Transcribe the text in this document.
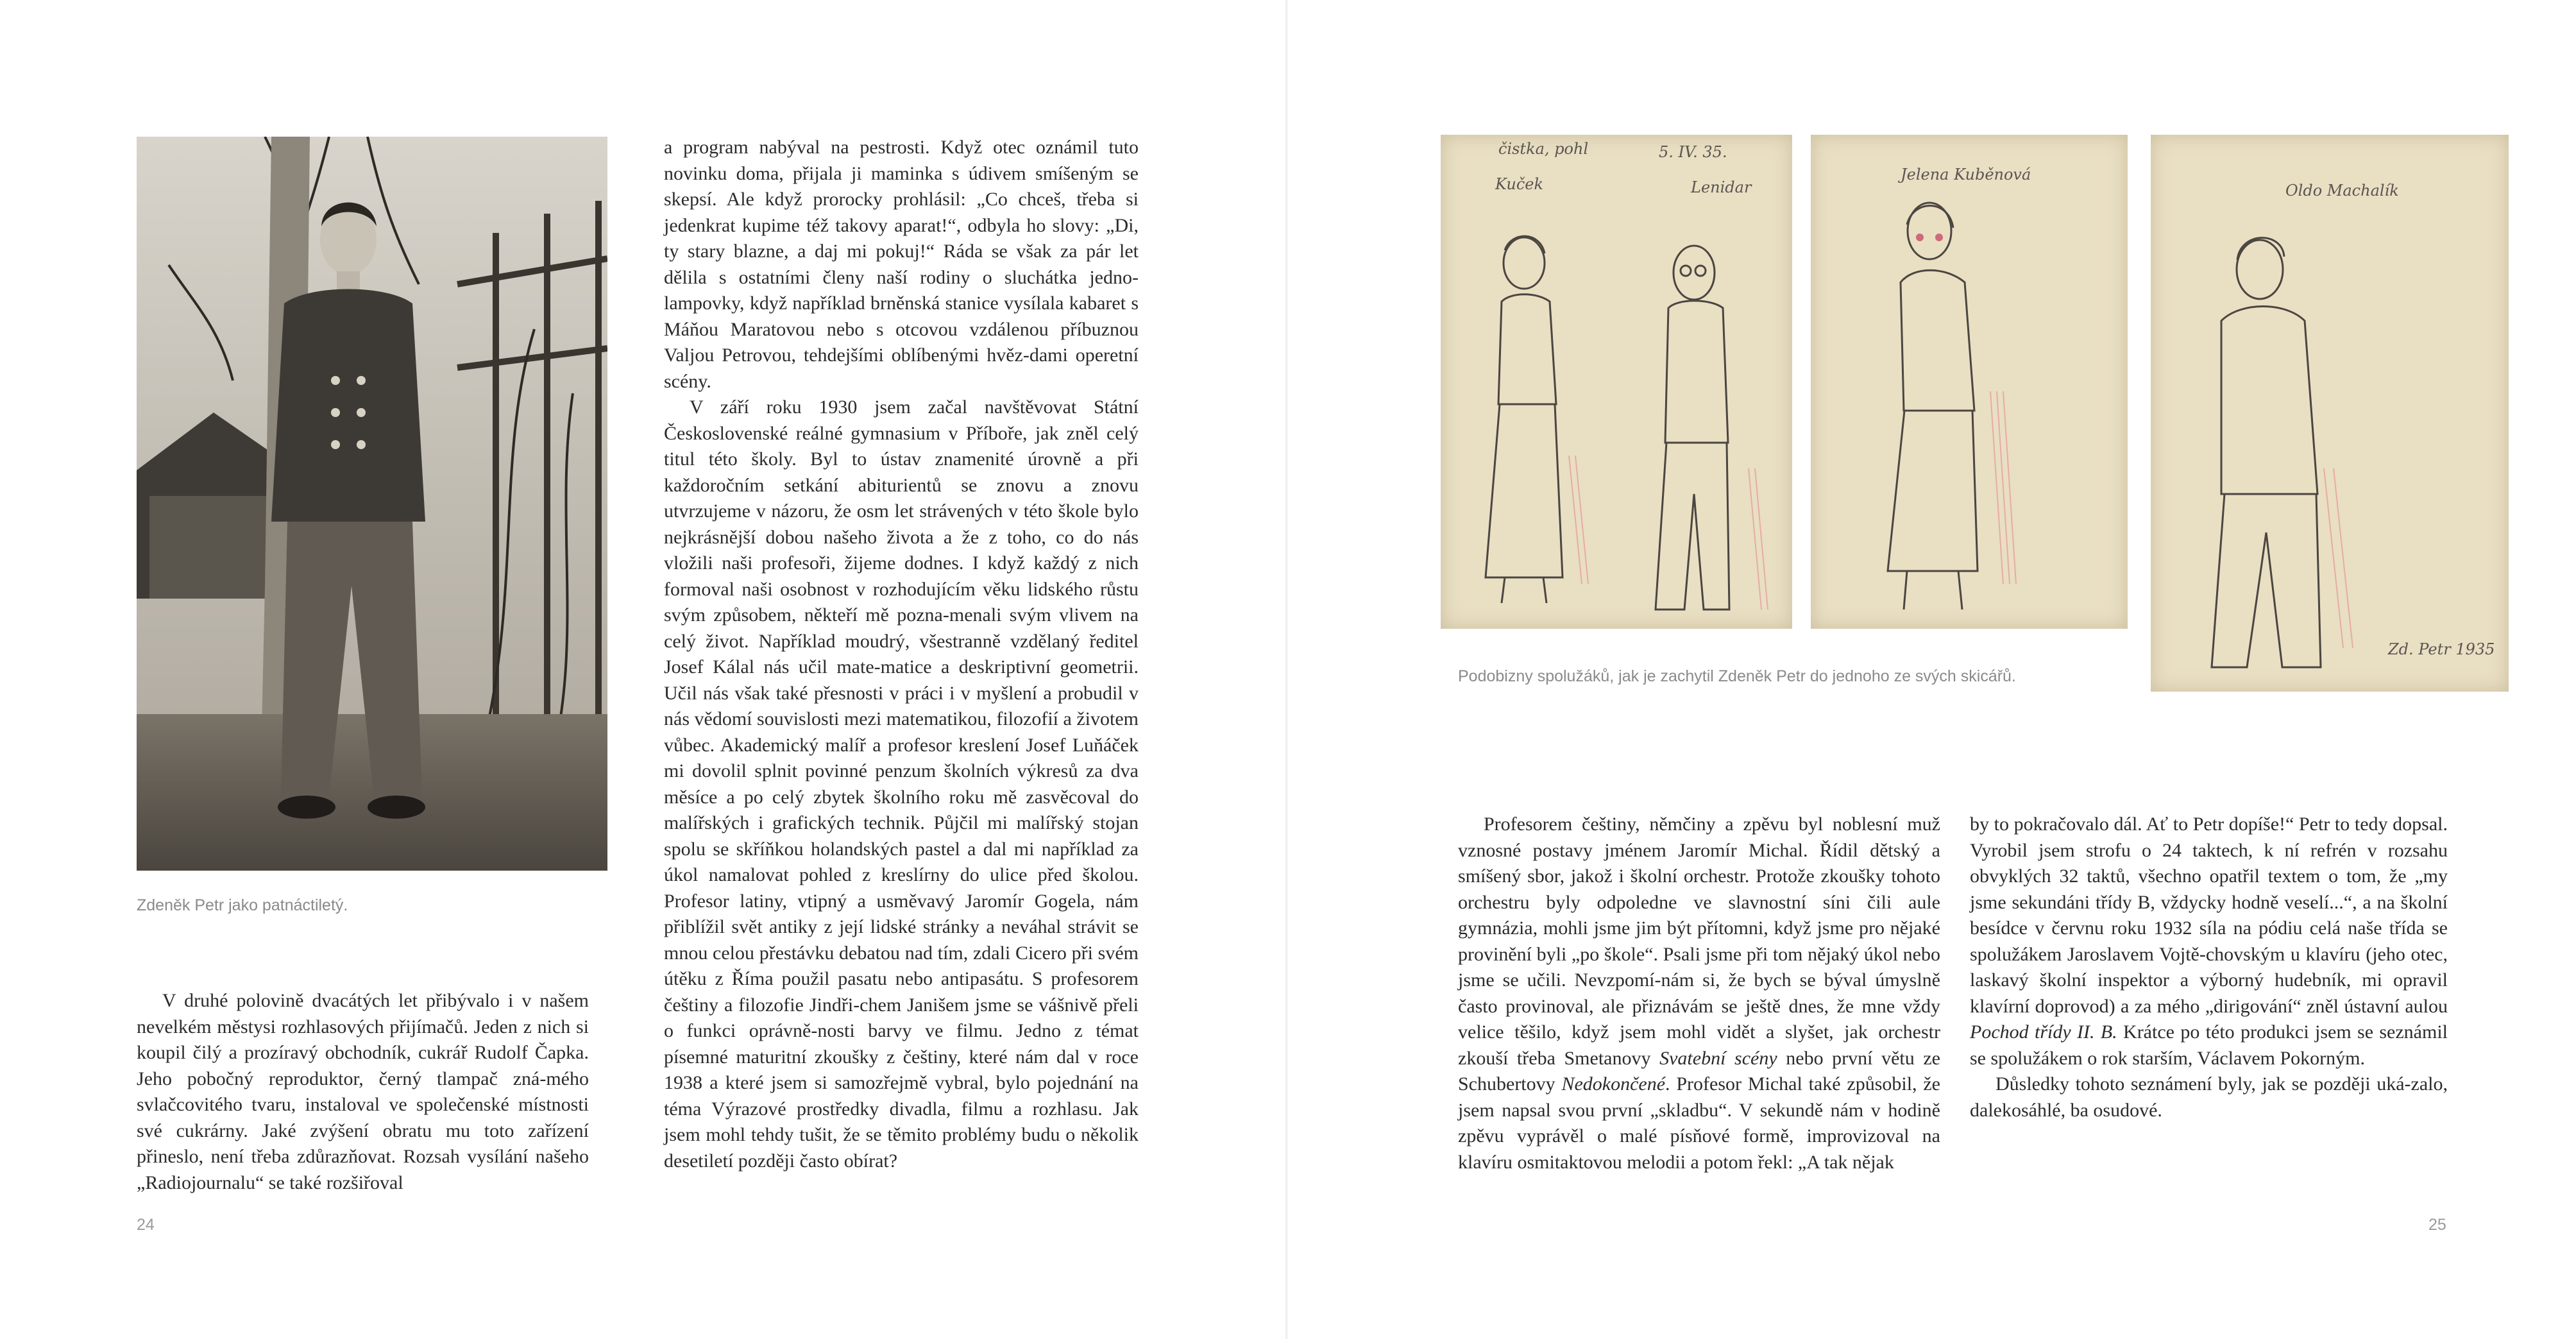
Zdeněk Petr jako patnáctiletý.

V druhé polovině dvacátých let přibývalo i v našem nevelkém městysi rozhlasových přijímačů. Jeden z nich si koupil čilý a prozíravý obchodník, cukrář Rudolf Čapka. Jeho pobočný reproduktor, černý tlampač zná-mého svlačcovitého tvaru, instaloval ve společenské místnosti své cukrárny. Jaké zvýšení obratu mu toto zařízení přineslo, není třeba zdůrazňovat. Rozsah vysílání našeho „Radiojournalu“ se také rozšiřoval

a program nabýval na pestrosti. Když otec oznámil tuto novinku doma, přijala ji maminka s údivem smíšeným se skepsí. Ale když prorocky prohlásil: „Co chceš, třeba si jedenkrat kupime též takovy aparat!“, odbyla ho slovy: „Di, ty stary blazne, a daj mi pokuj!“ Ráda se však za pár let dělila s ostatními členy naší rodiny o sluchátka jedno-lampovky, když například brněnská stanice vysílala kabaret s Máňou Maratovou nebo s otcovou vzdálenou příbuznou Valjou Petrovou, tehdejšími oblíbenými hvěz-dami operetní scény.

V září roku 1930 jsem začal navštěvovat Státní Československé reálné gymnasium v Příboře, jak zněl celý titul této školy. Byl to ústav znamenité úrovně a při každoročním setkání abiturientů se znovu a znovu utvrzujeme v názoru, že osm let strávených v této škole bylo nejkrásnější dobou našeho života a že z toho, co do nás vložili naši profesoři, žijeme dodnes. I když každý z nich formoval naši osobnost v rozhodujícím věku lidského růstu svým způsobem, někteří mě pozna-menali svým vlivem na celý život. Například moudrý, všestranně vzdělaný ředitel Josef Kálal nás učil mate-matice a deskriptivní geometrii. Učil nás však také přesnosti v práci i v myšlení a probudil v nás vědomí souvislosti mezi matematikou, filozofií a životem vůbec. Akademický malíř a profesor kreslení Josef Luňáček mi dovolil splnit povinné penzum školních výkresů za dva měsíce a po celý zbytek školního roku mě zasvěcoval do malířských i grafických technik. Půjčil mi malířský stojan spolu se skříňkou holandských pastel a dal mi například za úkol namalovat pohled z kreslírny do ulice před školou. Profesor latiny, vtipný a usměvavý Jaromír Gogela, nám přiblížil svět antiky z její lidské stránky a neváhal strávit se mnou celou přestávku debatou nad tím, zdali Cicero při svém útěku z Říma použil pasatu nebo antipasátu. S profesorem češtiny a filozofie Jindři-chem Janišem jsme se vášnivě přeli o funkci oprávně-nosti barvy ve filmu. Jedno z témat písemné maturitní zkoušky z češtiny, které nám dal v roce 1938 a které jsem si samozřejmě vybral, bylo pojednání na téma Výrazové prostředky divadla, filmu a rozhlasu. Jak jsem mohl tehdy tušit, že se těmito problémy budu o několik desetiletí později často obírat?

24
čistka, pohl	5. IV. 35.
Kuček	Lenidar
Jelena Kuběnová
Oldo Machalík
Zd. Petr 1935
Podobizny spolužáků, jak je zachytil Zdeněk Petr do jednoho ze svých skicářů.

Profesorem češtiny, němčiny a zpěvu byl noblesní muž vznosné postavy jménem Jaromír Michal. Řídil dětský a smíšený sbor, jakož i školní orchestr. Protože zkoušky tohoto orchestru byly odpoledne ve slavnostní síni čili aule gymnázia, mohli jsme jim být přítomni, když jsme pro nějaké provinění byli „po škole“. Psali jsme při tom nějaký úkol nebo jsme se učili. Nevzpomí-nám si, že bych se býval úmyslně často provinoval, ale přiznávám se ještě dnes, že mne vždy velice těšilo, když jsem mohl vidět a slyšet, jak orchestr zkouší třeba Smetanovy Svatební scény nebo první větu ze Schubertovy Nedokončené. Profesor Michal také způsobil, že jsem napsal svou první „skladbu“. V sekundě nám v hodině zpěvu vyprávěl o malé písňové formě, improvizoval na klavíru osmitaktovou melodii a potom řekl: „A tak nějak

by to pokračovalo dál. Ať to Petr dopíše!“ Petr to tedy dopsal. Vyrobil jsem strofu o 24 taktech, k ní refrén v rozsahu obvyklých 32 taktů, všechno opatřil textem o tom, že „my jsme sekundáni třídy B, vždycky hodně veselí...“, a na školní besídce v červnu roku 1932 síla na pódiu celá naše třída se spolužákem Jaroslavem Vojtě-chovským u klavíru (jeho otec, laskavý školní inspektor a výborný hudebník, mi opravil klavírní doprovod) a za mého „dirigování“ zněl ústavní aulou Pochod třídy II. B. Krátce po této produkci jsem se seznámil se spolužákem o rok starším, Václavem Pokorným.

Důsledky tohoto seznámení byly, jak se později uká-zalo, dalekosáhlé, ba osudové.

25
